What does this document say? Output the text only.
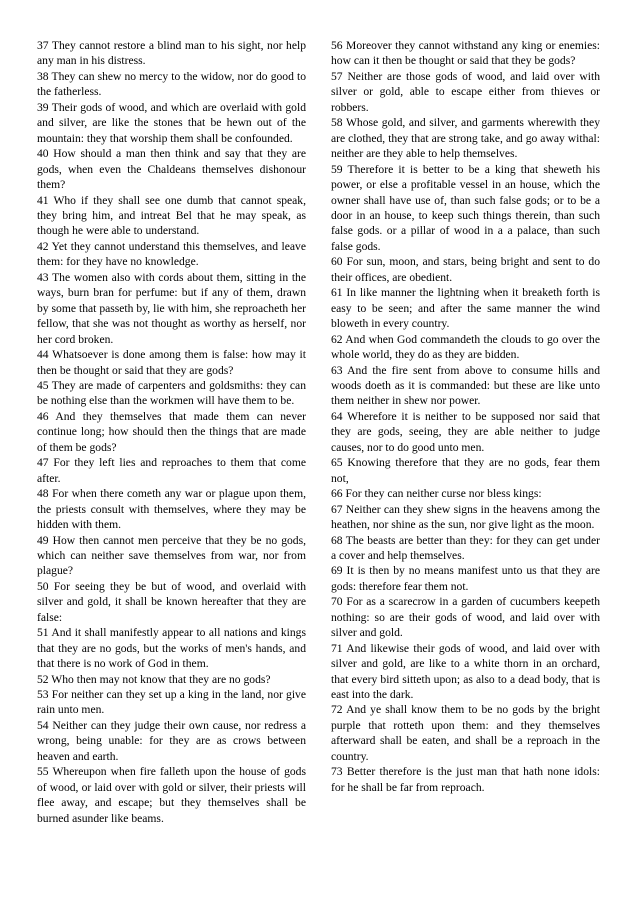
37 They cannot restore a blind man to his sight, nor help any man in his distress.

38 They can shew no mercy to the widow, nor do good to the fatherless.

39 Their gods of wood, and which are overlaid with gold and silver, are like the stones that be hewn out of the mountain: they that worship them shall be confounded.

40 How should a man then think and say that they are gods, when even the Chaldeans themselves dishonour them?

41 Who if they shall see one dumb that cannot speak, they bring him, and intreat Bel that he may speak, as though he were able to understand.

42 Yet they cannot understand this themselves, and leave them: for they have no knowledge.

43 The women also with cords about them, sitting in the ways, burn bran for perfume: but if any of them, drawn by some that passeth by, lie with him, she reproacheth her fellow, that she was not thought as worthy as herself, nor her cord broken.

44 Whatsoever is done among them is false: how may it then be thought or said that they are gods?

45 They are made of carpenters and goldsmiths: they can be nothing else than the workmen will have them to be.

46 And they themselves that made them can never continue long; how should then the things that are made of them be gods?

47 For they left lies and reproaches to them that come after.

48 For when there cometh any war or plague upon them, the priests consult with themselves, where they may be hidden with them.

49 How then cannot men perceive that they be no gods, which can neither save themselves from war, nor from plague?

50 For seeing they be but of wood, and overlaid with silver and gold, it shall be known hereafter that they are false:

51 And it shall manifestly appear to all nations and kings that they are no gods, but the works of men's hands, and that there is no work of God in them.

52 Who then may not know that they are no gods?

53 For neither can they set up a king in the land, nor give rain unto men.

54 Neither can they judge their own cause, nor redress a wrong, being unable: for they are as crows between heaven and earth.

55 Whereupon when fire falleth upon the house of gods of wood, or laid over with gold or silver, their priests will flee away, and escape; but they themselves shall be burned asunder like beams.

56 Moreover they cannot withstand any king or enemies: how can it then be thought or said that they be gods?

57 Neither are those gods of wood, and laid over with silver or gold, able to escape either from thieves or robbers.

58 Whose gold, and silver, and garments wherewith they are clothed, they that are strong take, and go away withal: neither are they able to help themselves.

59 Therefore it is better to be a king that sheweth his power, or else a profitable vessel in an house, which the owner shall have use of, than such false gods; or to be a door in an house, to keep such things therein, than such false gods. or a pillar of wood in a a palace, than such false gods.

60 For sun, moon, and stars, being bright and sent to do their offices, are obedient.

61 In like manner the lightning when it breaketh forth is easy to be seen; and after the same manner the wind bloweth in every country.

62 And when God commandeth the clouds to go over the whole world, they do as they are bidden.

63 And the fire sent from above to consume hills and woods doeth as it is commanded: but these are like unto them neither in shew nor power.

64 Wherefore it is neither to be supposed nor said that they are gods, seeing, they are able neither to judge causes, nor to do good unto men.

65 Knowing therefore that they are no gods, fear them not,

66 For they can neither curse nor bless kings:

67 Neither can they shew signs in the heavens among the heathen, nor shine as the sun, nor give light as the moon.

68 The beasts are better than they: for they can get under a cover and help themselves.

69 It is then by no means manifest unto us that they are gods: therefore fear them not.

70 For as a scarecrow in a garden of cucumbers keepeth nothing: so are their gods of wood, and laid over with silver and gold.

71 And likewise their gods of wood, and laid over with silver and gold, are like to a white thorn in an orchard, that every bird sitteth upon; as also to a dead body, that is east into the dark.

72 And ye shall know them to be no gods by the bright purple that rotteth upon them: and they themselves afterward shall be eaten, and shall be a reproach in the country.

73 Better therefore is the just man that hath none idols: for he shall be far from reproach.
